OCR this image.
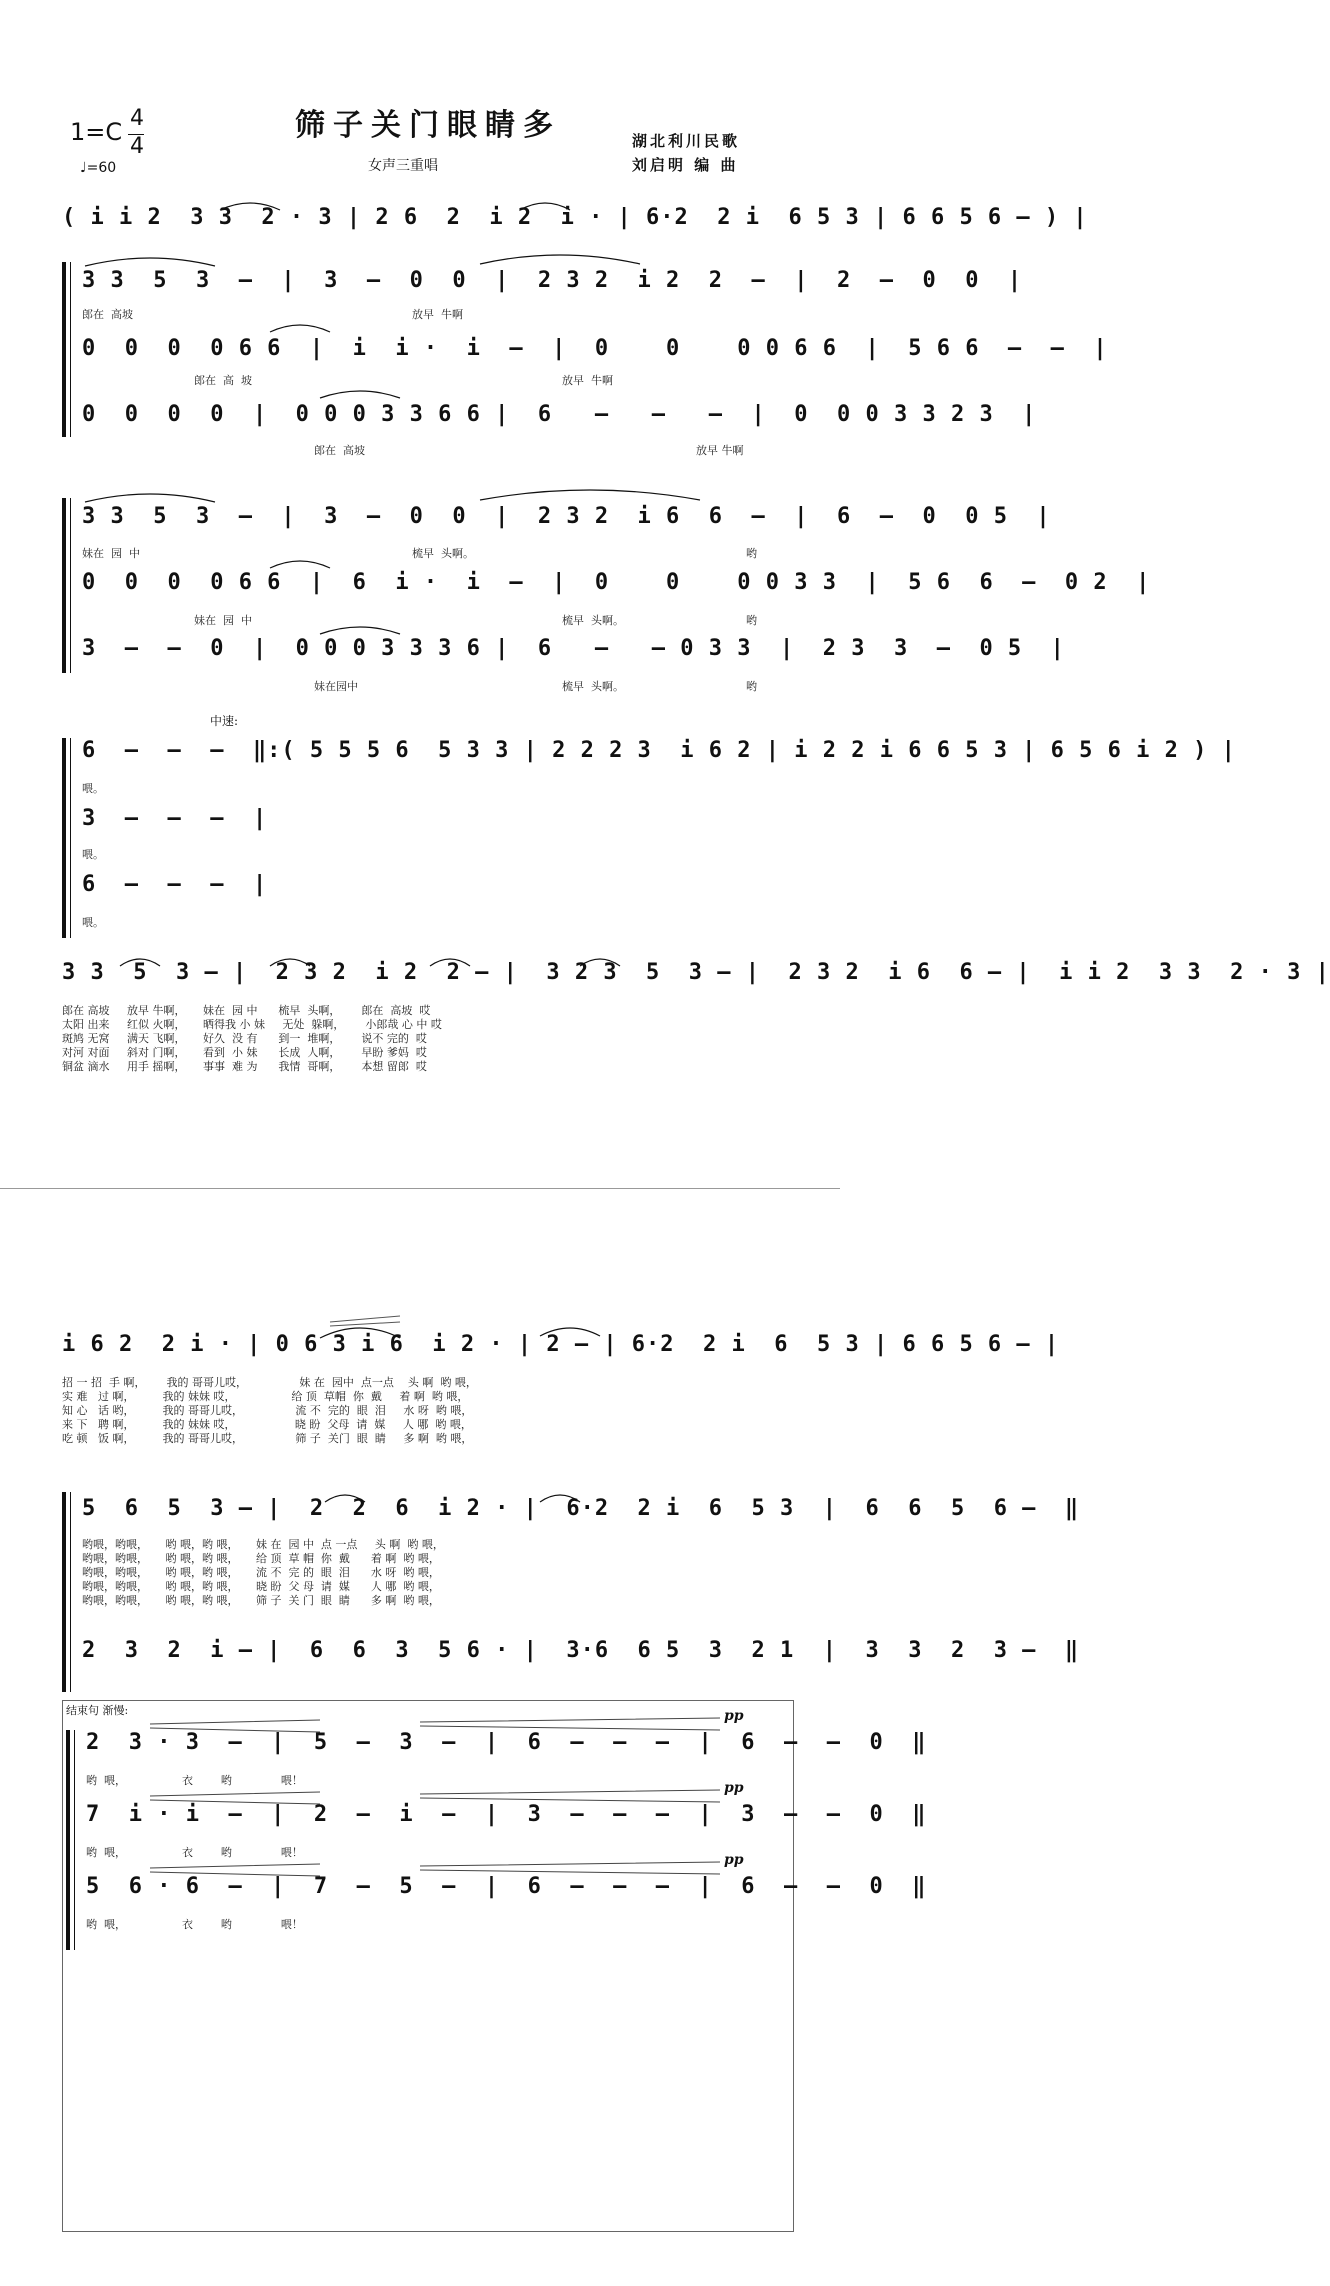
1=C 4
4
♩=60
筛子关门眼睛多
女声三重唱
湖北利川民歌
刘启明 编 曲
( i i 2  3 3  2 · 3 | 2 6  2  i 2  i · | 6·2  2 i  6 5 3 | 6 6 5 6 — ) |
3 3  5  3  —  |  3  —  0  0  |  2 3 2  i 2  2  —  |  2  —  0  0  |
郎在  高坡	放早  牛啊
0  0  0  0 6 6  |  i  i ·  i  —  |  0    0    0 0 6 6  |  5 6 6  —  —  |
郎在  高  坡	放早  牛啊
0  0  0  0  |  0 0 0 3 3 6 6 |  6   —   —   —  |  0  0 0 3 3 2 3  |
郎在  高坡	放早 牛啊
3 3  5  3  —  |  3  —  0  0  |  2 3 2  i 6  6  —  |  6  —  0  0 5  |
妹在  园  中	梳早  头啊。	哟
0  0  0  0 6 6  |  6  i ·  i  —  |  0    0    0 0 3 3  |  5 6  6  —  0 2  |
妹在  园  中	梳早  头啊。	哟
3  —  —  0  |  0 0 0 3 3 3 6 |  6   —   — 0 3 3  |  2 3  3  —  0 5  |
妹在园中	梳早  头啊。	哟
中速:
6  —  —  —  ‖:( 5 5 5 6  5 3 3 | 2 2 2 3  i 6 2 | i 2 2 i 6 6 5 3 | 6 5 6 i 2 ) |
喂。
3  —  —  —  |
喂。
6  —  —  —  |
喂。
3 3  5  3 — |  2 3 2  i 2  2 — |  3 2 3  5  3 — |  2 3 2  i 6  6 — |  i i 2  3 3  2 · 3 |
郎在 高坡     放早 牛啊，     妹在  园 中      梳早  头啊，      郎在  高坡  哎
太阳 出来     红似 火啊，     晒得我 小 妹     无处  躲啊，      小郎哉 心 中 哎
斑鸠 无窝     满天 飞啊，     好久  没 有      到一  堆啊，      说不 完的  哎
对河 对面     斜对 门啊，     看到  小 妹      长成  人啊，      早盼 爹妈  哎
铜盆 滴水     用手 摇啊，     事事  难 为      我情  哥啊，      本想 留郎  哎
i 6 2  2 i · | 0 6 3 i 6  i 2 · | 2 — | 6·2  2 i  6  5 3 | 6 6 5 6 — |
招 一 招  手 啊，      我的 哥哥儿哎，               妹 在  园中  点一点    头 啊  哟 喂，
实 难   过 啊，        我的 妹妹 哎，                给 顶  草帽  你  戴     着 啊  哟 喂，
知 心   话 哟，        我的 哥哥儿哎，               流 不  完的  眼  泪     水 呀  哟 喂，
来 下   聘 啊，        我的 妹妹 哎，                 晓 盼  父母  请  媒     人 哪  哟 喂，
吃 顿   饭 啊，        我的 哥哥儿哎，               筛 子  关门  眼  睛     多 啊  哟 喂，
5  6  5  3 — |  2  2  6  i 2 · |  6·2  2 i  6  5 3  |  6  6  5  6 —  ‖
哟喂，哟喂，     哟 喂，哟 喂，     妹 在  园 中  点 一点     头 啊  哟 喂，
哟喂，哟喂，     哟 喂，哟 喂，     给 顶  草 帽  你  戴      着 啊  哟 喂，
哟喂，哟喂，     哟 喂，哟 喂，     流 不  完 的  眼  泪      水 呀  哟 喂，
哟喂，哟喂，     哟 喂，哟 喂，     晓 盼  父 母  请  媒      人 哪  哟 喂，
哟喂，哟喂，     哟 喂，哟 喂，     筛 子  关 门  眼  睛      多 啊  哟 喂，
2  3  2  i — |  6  6  3  5 6 · |  3·6  6 5  3  2 1  |  3  3  2  3 —  ‖
结束句 渐慢:
2  3 · 3  —  |  5  —  3  —  |  6  —  —  —  |  6  —  —  0  ‖
哟  喂，                衣        哟              喂！
pp
7  i · i  —  |  2  —  i  —  |  3  —  —  —  |  3  —  —  0  ‖
哟  喂，                衣        哟              喂！
pp
5  6 · 6  —  |  7  —  5  —  |  6  —  —  —  |  6  —  —  0  ‖
哟  喂，                衣        哟              喂！
pp
